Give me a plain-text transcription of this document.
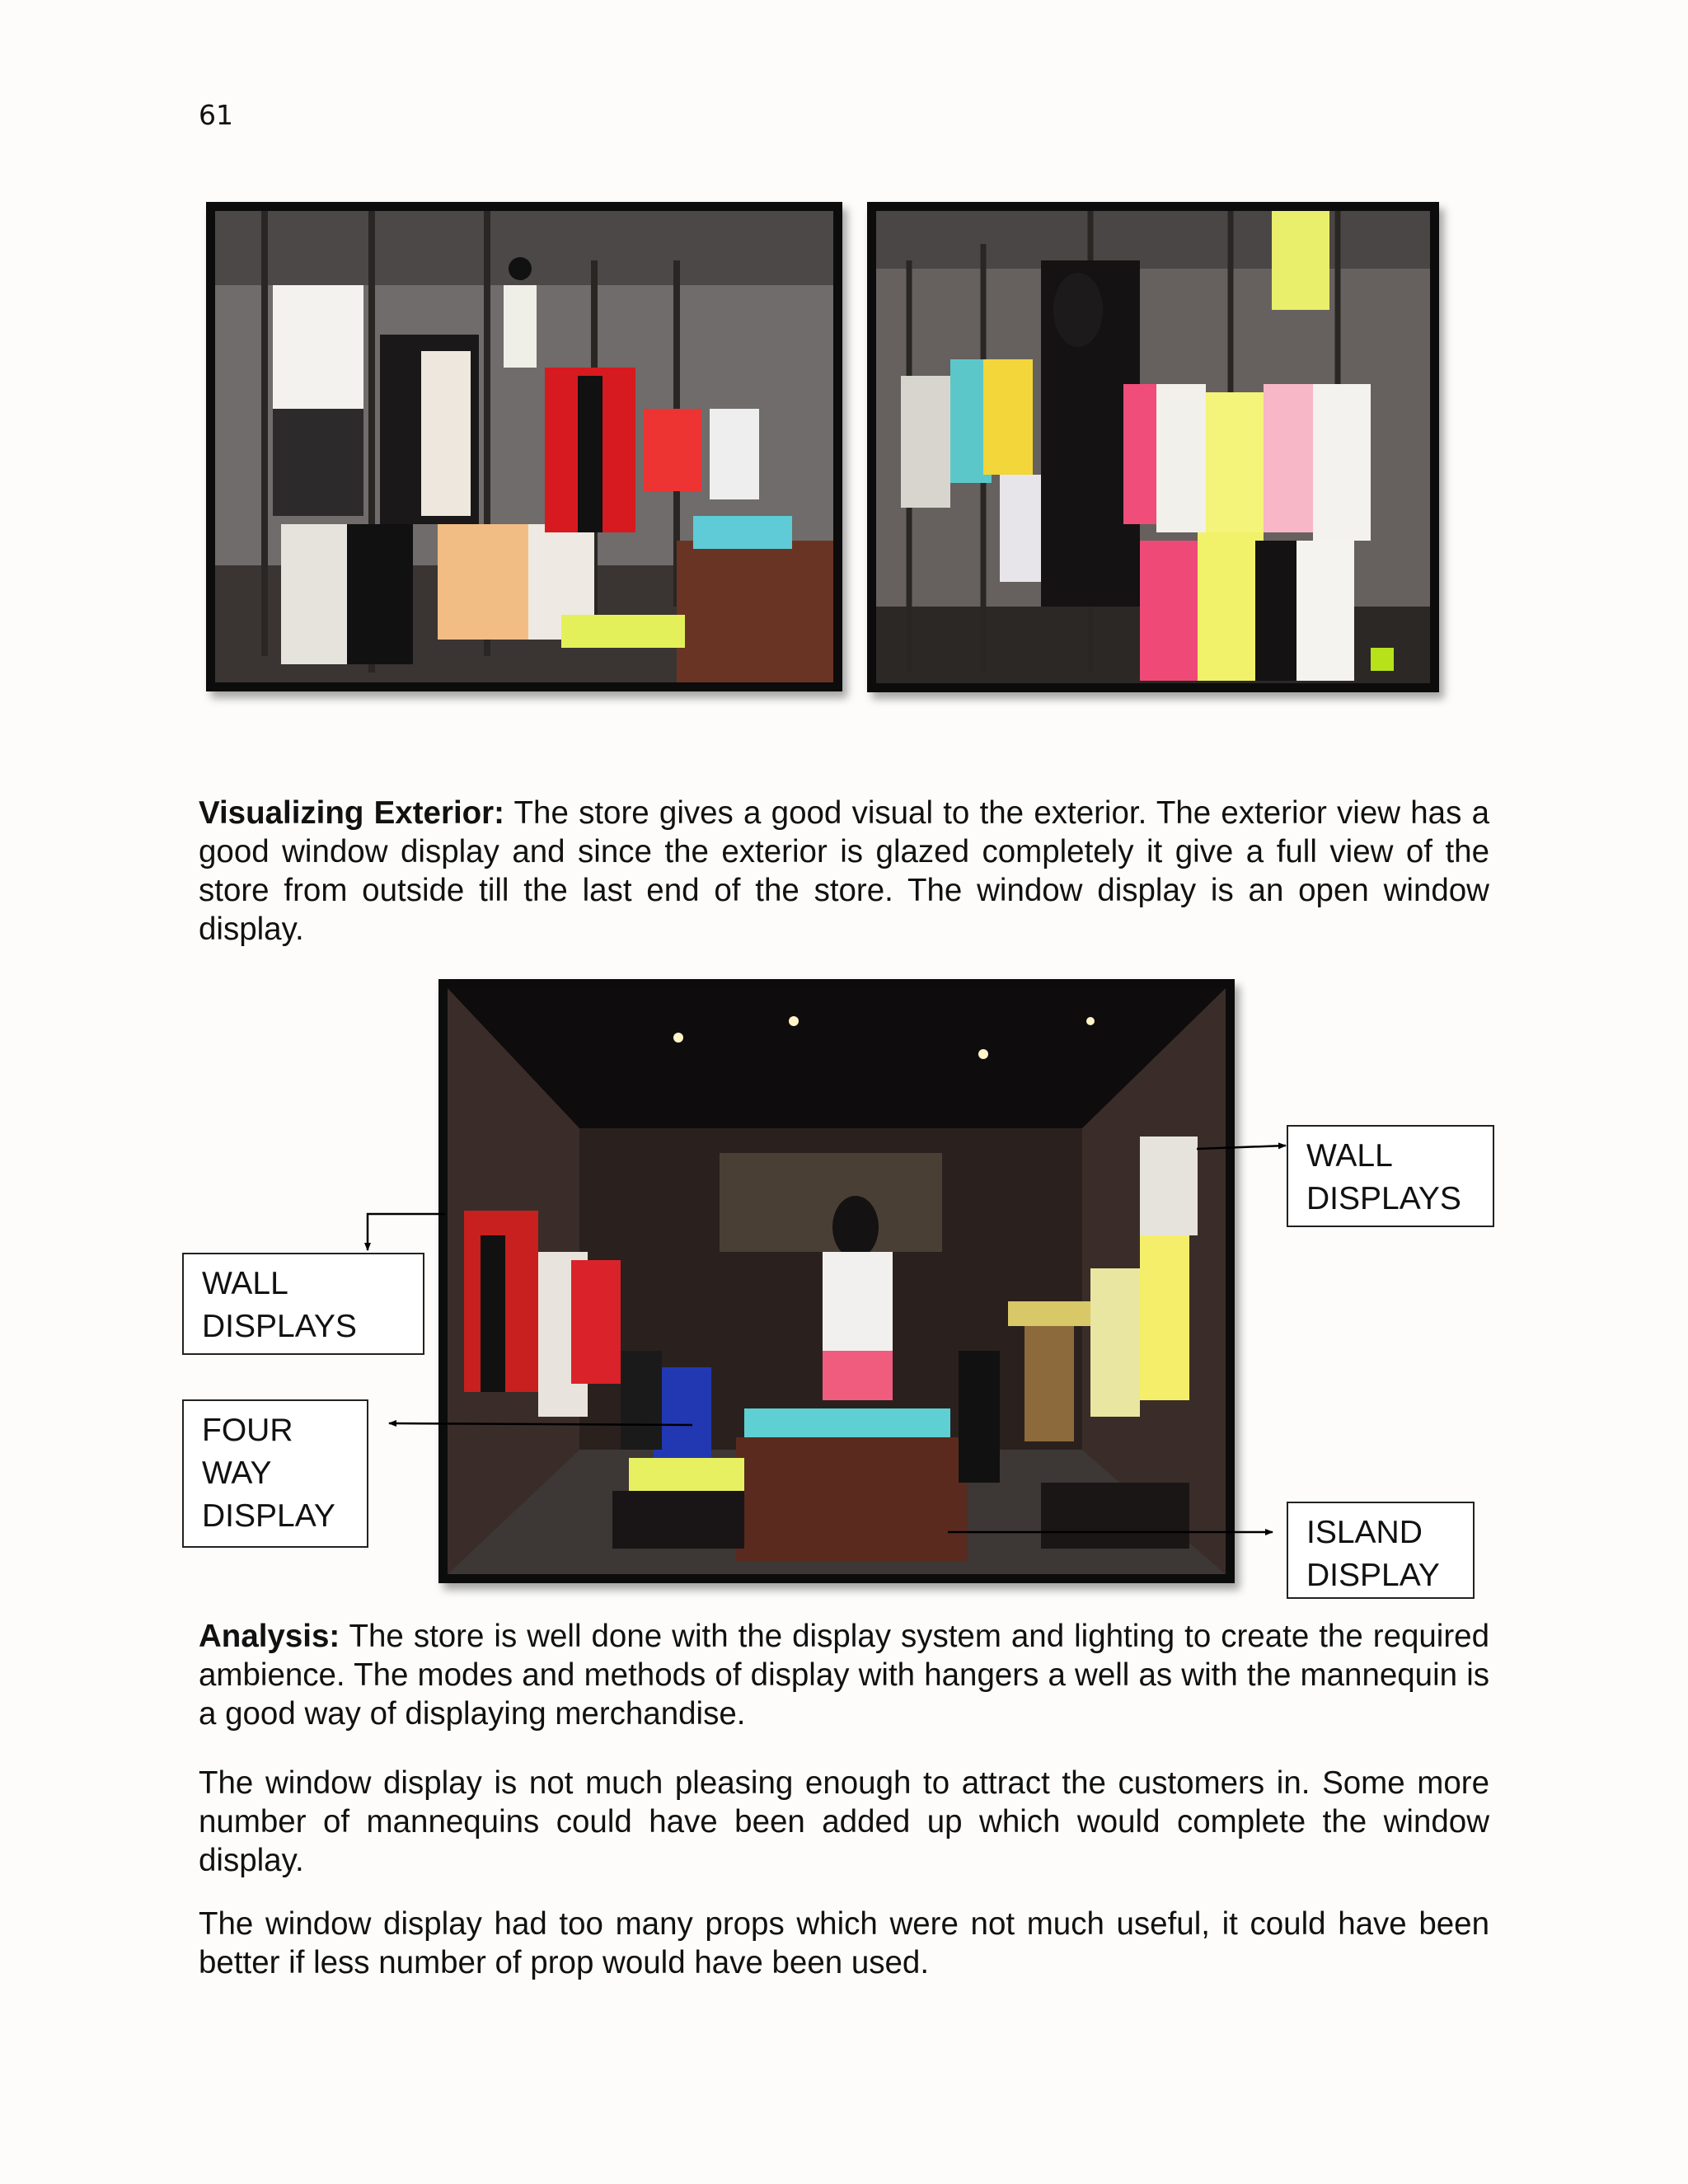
61

Visualizing Exterior: The store gives a good visual to the exterior. The exterior view has a good window display and since the exterior is glazed completely it give a full view of the store from outside till the last end of the store. The window display is an open window display.

WALL
DISPLAYS
WALL
DISPLAYS
FOUR
WAY
DISPLAY	ISLAND
DISPLAY

Analysis: The store is well done with the display system and lighting to create the required ambience. The modes and methods of display with hangers a well as with the mannequin is a good way of displaying merchandise.

The window display is not much pleasing enough to attract the customers in. Some more number of mannequins could have been added up which would complete the window display.

The window display had too many props which were not much useful, it could have been better if less number of prop would have been used.
